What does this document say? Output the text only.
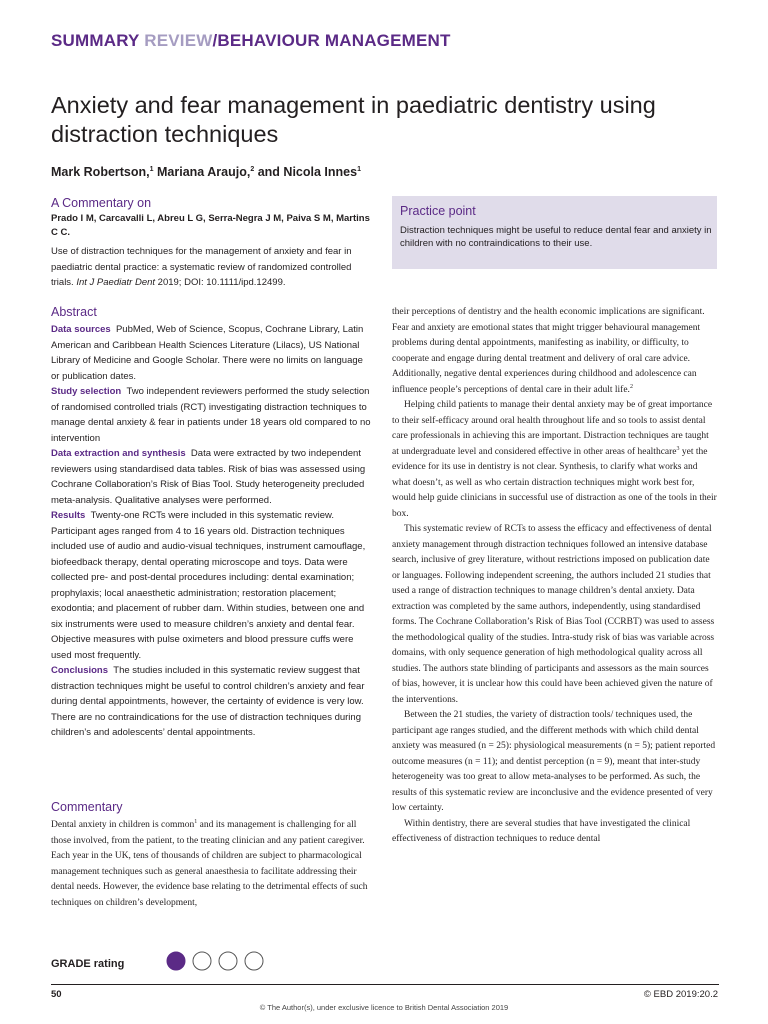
SUMMARY REVIEW/BEHAVIOUR MANAGEMENT
Anxiety and fear management in paediatric dentistry using distraction techniques
Mark Robertson,$^1$ Mariana Araujo,$^2$ and Nicola Innes$^1$
A Commentary on
Prado I M, Carcavalli L, Abreu L G, Serra-Negra J M, Paiva S M, Martins C C.
Use of distraction techniques for the management of anxiety and fear in paediatric dental practice: a systematic review of randomized controlled trials. Int J Paediatr Dent 2019; DOI: 10.1111/ipd.12499.
Practice point
Distraction techniques might be useful to reduce dental fear and anxiety in children with no contraindications to their use.
Abstract

Data sources PubMed, Web of Science, Scopus, Cochrane Library, Latin American and Caribbean Health Sciences Literature (Lilacs), US National Library of Medicine and Google Scholar. There were no limits on language or publication dates.

Study selection Two independent reviewers performed the study selection of randomised controlled trials (RCT) investigating distraction techniques to manage dental anxiety & fear in patients under 18 years old compared to no intervention

Data extraction and synthesis Data were extracted by two independent reviewers using standardised data tables. Risk of bias was assessed using Cochrane Collaboration’s Risk of Bias Tool. Study heterogeneity precluded meta-analysis. Qualitative analyses were performed.

Results Twenty-one RCTs were included in this systematic review. Participant ages ranged from 4 to 16 years old. Distraction techniques included use of audio and audio-visual techniques, instrument camouflage, biofeedback therapy, dental operating microscope and toys. Data were collected pre- and post-dental procedures including: dental examination; prophylaxis; local anaesthetic administration; restoration placement; exodontia; and placement of rubber dam. Within studies, between one and six instruments were used to measure children’s anxiety and dental fear. Objective measures with pulse oximeters and blood pressure cuffs were used most frequently.

Conclusions The studies included in this systematic review suggest that distraction techniques might be useful to control children’s anxiety and fear during dental appointments, however, the certainty of evidence is very low. There are no contraindications for the use of distraction techniques during children’s and adolescents’ dental appointments.

Commentary

Dental anxiety in children is common$^1$ and its management is challenging for all those involved, from the patient, to the treating clinician and any patient caregiver. Each year in the UK, tens of thousands of children are subject to pharmacological management techniques such as general anaesthesia to facilitate addressing their dental needs. However, the evidence base relating to the detrimental effects of such techniques on children’s development,

their perceptions of dentistry and the health economic implications are significant. Fear and anxiety are emotional states that might trigger behavioural management problems during dental appointments, manifesting as inability, or difficulty, to cooperate and engage during dental treatment and delivery of oral care advice. Additionally, negative dental experiences during childhood and adolescence can influence people’s perceptions of dental care in their adult life.$^2$

Helping child patients to manage their dental anxiety may be of great importance to their self-efficacy around oral health throughout life and so tools to assist dental care professionals in achieving this are important. Distraction techniques are taught at undergraduate level and considered effective in other areas of healthcare$^3$ yet the evidence for its use in dentistry is not clear. Synthesis, to clarify what works and what doesn’t, as well as who certain distraction techniques might work best for, would help guide clinicians in successful use of distraction as one of the tools in their box.

This systematic review of RCTs to assess the efficacy and effectiveness of dental anxiety management through distraction techniques followed an intensive database search, inclusive of grey literature, without restrictions imposed on publication date or languages. Following independent screening, the authors included 21 studies that used a range of distraction techniques to manage children’s dental anxiety. Data extraction was completed by the same authors, independently, using standardised forms. The Cochrane Collaboration’s Risk of Bias Tool (CCRBT) was used to assess the methodological quality of the studies. Intra-study risk of bias was variable across domains, with only sequence generation of high methodological quality across all studies. The authors state blinding of participants and assessors as the main sources of bias, however, it is unclear how this could have been achieved given the nature of the interventions.

Between the 21 studies, the variety of distraction tools/ techniques used, the participant age ranges studied, and the different methods with which child dental anxiety was measured (n = 25): physiological measurements (n = 5); patient reported outcome measures (n = 11); and dentist perception (n = 9), meant that inter-study heterogeneity was too great to allow meta-analyses to be performed. As such, the results of this systematic review are inconclusive and the evidence presented of very low certainty.

Within dentistry, there are several studies that have investigated the clinical effectiveness of distraction techniques to reduce dental

GRADE rating
50	© EBD 2019:20.2
© The Author(s), under exclusive licence to British Dental Association 2019
